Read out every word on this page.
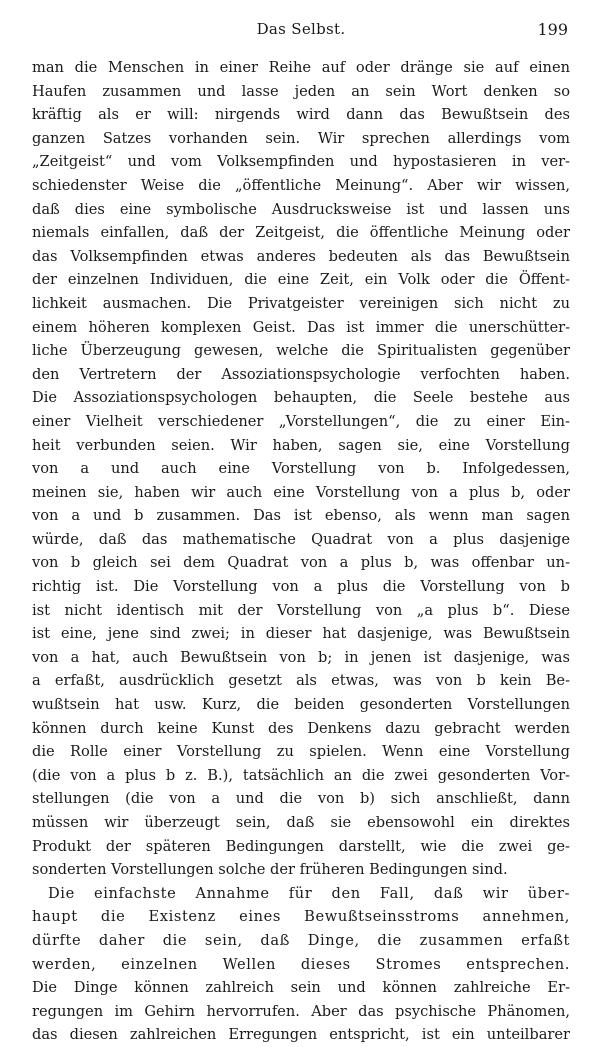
Das Selbst.	199
man die Menschen in einer Reihe auf oder dränge sie auf einen
Haufen zusammen und lasse jeden an sein Wort denken so
kräftig als er will: nirgends wird dann das Bewußtsein des
ganzen Satzes vorhanden sein. Wir sprechen allerdings vom
„Zeitgeist“ und vom Volksempfinden und hypostasieren in ver-
schiedenster Weise die „öffentliche Meinung“. Aber wir wissen,
daß dies eine symbolische Ausdrucksweise ist und lassen uns
niemals einfallen, daß der Zeitgeist, die öffentliche Meinung oder
das Volksempfinden etwas anderes bedeuten als das Bewußtsein
der einzelnen Individuen, die eine Zeit, ein Volk oder die Öffent-
lichkeit ausmachen. Die Privatgeister vereinigen sich nicht zu
einem höheren komplexen Geist. Das ist immer die unerschütter-
liche Überzeugung gewesen, welche die Spiritualisten gegenüber
den Vertretern der Assoziationspsychologie verfochten haben.
Die Assoziationspsychologen behaupten, die Seele bestehe aus
einer Vielheit verschiedener „Vorstellungen“, die zu einer Ein-
heit verbunden seien. Wir haben, sagen sie, eine Vorstellung
von a und auch eine Vorstellung von b. Infolgedessen,
meinen sie, haben wir auch eine Vorstellung von a plus b, oder
von a und b zusammen. Das ist ebenso, als wenn man sagen
würde, daß das mathematische Quadrat von a plus dasjenige
von b gleich sei dem Quadrat von a plus b, was offenbar un-
richtig ist. Die Vorstellung von a plus die Vorstellung von b
ist nicht identisch mit der Vorstellung von „a plus b“. Diese
ist eine, jene sind zwei; in dieser hat dasjenige, was Bewußtsein
von a hat, auch Bewußtsein von b; in jenen ist dasjenige, was
a erfaßt, ausdrücklich gesetzt als etwas, was von b kein Be-
wußtsein hat usw. Kurz, die beiden gesonderten Vorstellungen
können durch keine Kunst des Denkens dazu gebracht werden
die Rolle einer Vorstellung zu spielen. Wenn eine Vorstellung
(die von a plus b z. B.), tatsächlich an die zwei gesonderten Vor-
stellungen (die von a und die von b) sich anschließt, dann
müssen wir überzeugt sein, daß sie ebensowohl ein direktes
Produkt der späteren Bedingungen darstellt, wie die zwei ge-
sonderten Vorstellungen solche der früheren Bedingungen sind.
Die einfachste Annahme für den Fall, daß wir über-
haupt die Existenz eines Bewußtseinsstroms annehmen,
dürfte daher die sein, daß Dinge, die zusammen erfaßt
werden, einzelnen Wellen dieses Stromes entsprechen.
Die Dinge können zahlreich sein und können zahlreiche Er-
regungen im Gehirn hervorrufen. Aber das psychische Phänomen,
das diesen zahlreichen Erregungen entspricht, ist ein unteilbarer
